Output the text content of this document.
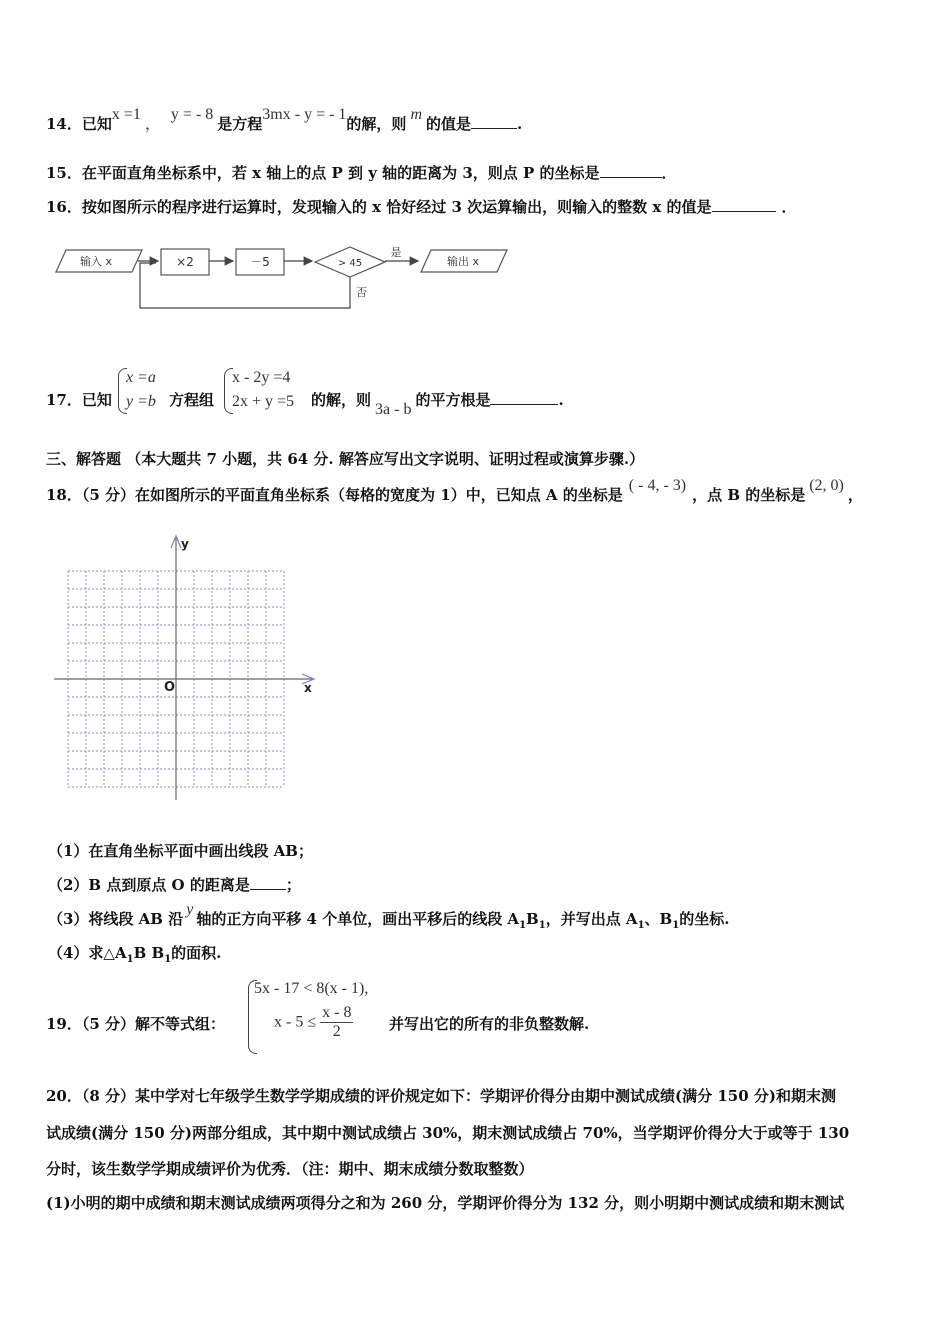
14．已知x =1，y = - 8是方程3mx - y = - 1的解，则m的值是	.
15．在平面直角坐标系中，若 x 轴上的点 P 到 y 轴的距离为 3，则点 P 的坐标是	．
16．按如图所示的程序进行运算时，发现输入的 x 恰好经过 3 次运算输出，则输入的整数 x 的值是	．
输入 x	×2	－5	> 45
是
输出 x
否
17．已知
x =a
y =b 方程组
x - 2y =4
2x + y =5 的解，则3a - b的平方根是	.
三、解答题 （本大题共 7 小题，共 64 分. 解答应写出文字说明、证明过程或演算步骤.）
18．（5 分）在如图所示的平面直角坐标系（每格的宽度为 1）中，已知点 A 的坐标是( - 4, - 3)，点 B 的坐标是(2, 0)，
y
x
O
（1）在直角坐标平面中画出线段 AB；
（2）B 点到原点 O 的距离是 ；
（3）将线段 AB 沿y轴的正方向平移 4 个单位，画出平移后的线段 $A_1B_1$，并写出点 $A_1$、$B_1$的坐标.
（4）求$\triangle A_1B$ $B_1$的面积.
19．（5 分）解不等式组：
5x - 17 < 8(x - 1),
$x - 5 \le \frac{x - 8}{2}$ 并写出它的所有的非负整数解.
20．（8 分）某中学对七年级学生数学学期成绩的评价规定如下：学期评价得分由期中测试成绩(满分 150 分)和期末测
试成绩(满分 150 分)两部分组成，其中期中测试成绩占 30%，期末测试成绩占 70%，当学期评价得分大于或等于 130
分时，该生数学学期成绩评价为优秀．（注：期中、期末成绩分数取整数）
(1)小明的期中成绩和期末测试成绩两项得分之和为 260 分，学期评价得分为 132 分，则小明期中测试成绩和期末测试
